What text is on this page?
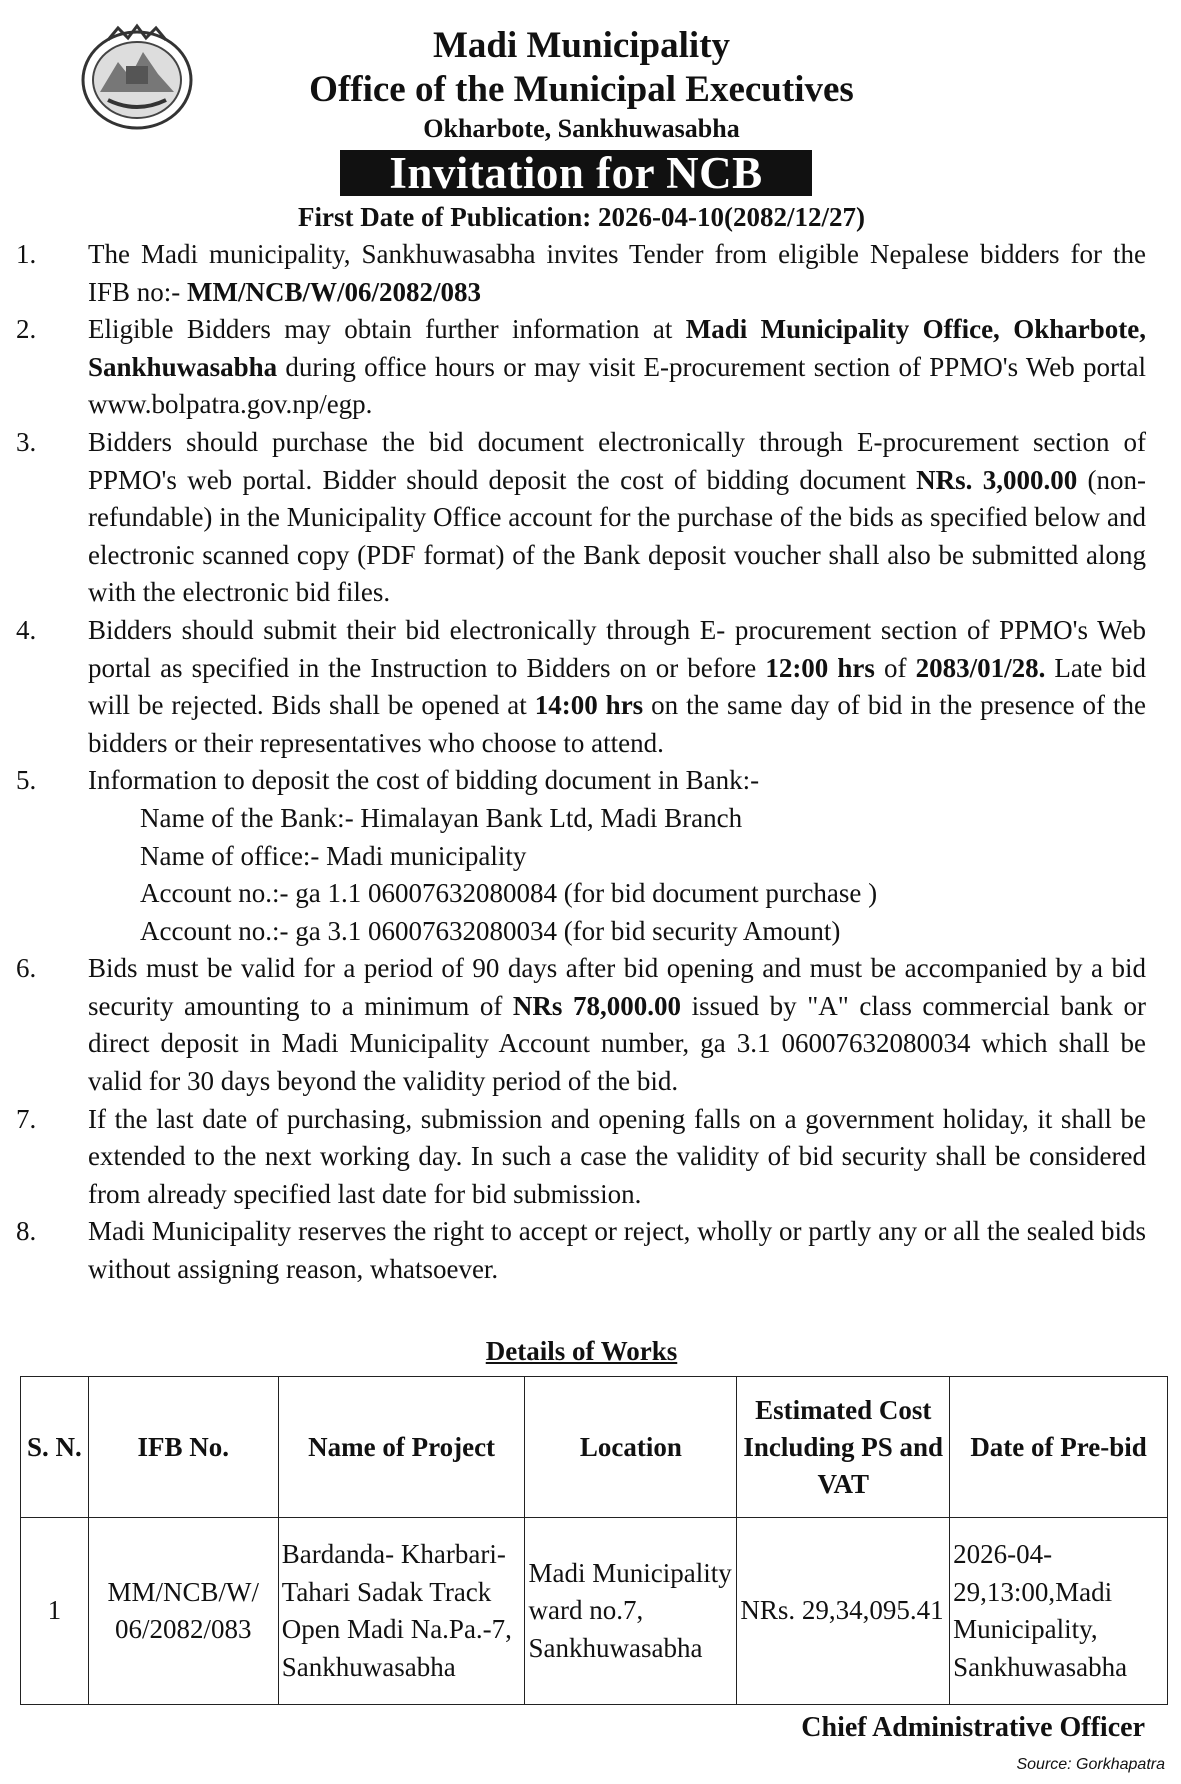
Madi Municipality
Office of the Municipal Executives
Okharbote, Sankhuwasabha
Invitation for NCB
First Date of Publication: 2026-04-10(2082/12/27)
1.	The Madi municipality, Sankhuwasabha invites Tender from eligible Nepalese bidders for the IFB no:- MM/NCB/W/06/2082/083
2.	Eligible Bidders may obtain further information at Madi Municipality Office, Okharbote, Sankhuwasabha during office hours or may visit E-procurement section of PPMO's Web portal www.bolpatra.gov.np/egp.
3.	Bidders should purchase the bid document electronically through E-procurement section of PPMO's web portal. Bidder should deposit the cost of bidding document NRs. 3,000.00 (non-refundable) in the Municipality Office account for the purchase of the bids as specified below and electronic scanned copy (PDF format) of the Bank deposit voucher shall also be submitted along with the electronic bid files.
4.	Bidders should submit their bid electronically through E- procurement section of PPMO's Web portal as specified in the Instruction to Bidders on or before 12:00 hrs of 2083/01/28. Late bid will be rejected. Bids shall be opened at 14:00 hrs on the same day of bid in the presence of the bidders or their representatives who choose to attend.
5.	Information to deposit the cost of bidding document in Bank:-
Name of the Bank:- Himalayan Bank Ltd, Madi Branch
Name of office:- Madi municipality
Account no.:- ga 1.1 06007632080084 (for bid document purchase )
Account no.:- ga 3.1 06007632080034 (for bid security Amount)
6.	Bids must be valid for a period of 90 days after bid opening and must be accompanied by a bid security amounting to a minimum of NRs 78,000.00 issued by "A" class commercial bank or direct deposit in Madi Municipality Account number, ga 3.1 06007632080034 which shall be valid for 30 days beyond the validity period of the bid.
7.	If the last date of purchasing, submission and opening falls on a government holiday, it shall be extended to the next working day. In such a case the validity of bid security shall be considered from already specified last date for bid submission.
8.	Madi Municipality reserves the right to accept or reject, wholly or partly any or all the sealed bids without assigning reason, whatsoever.
Details of Works
S. N.	IFB No.	Name of Project	Location	Estimated Cost Including PS and VAT	Date of Pre-bid
1	MM/NCB/W/ 06/2082/083	Bardanda- Kharbari-Tahari Sadak Track Open Madi Na.Pa.-7, Sankhuwasabha	Madi Municipality ward no.7, Sankhuwasabha	NRs. 29,34,095.41	2026-04- 29,13:00,Madi Municipality, Sankhuwasabha
Chief Administrative Officer
Source: Gorkhapatra
